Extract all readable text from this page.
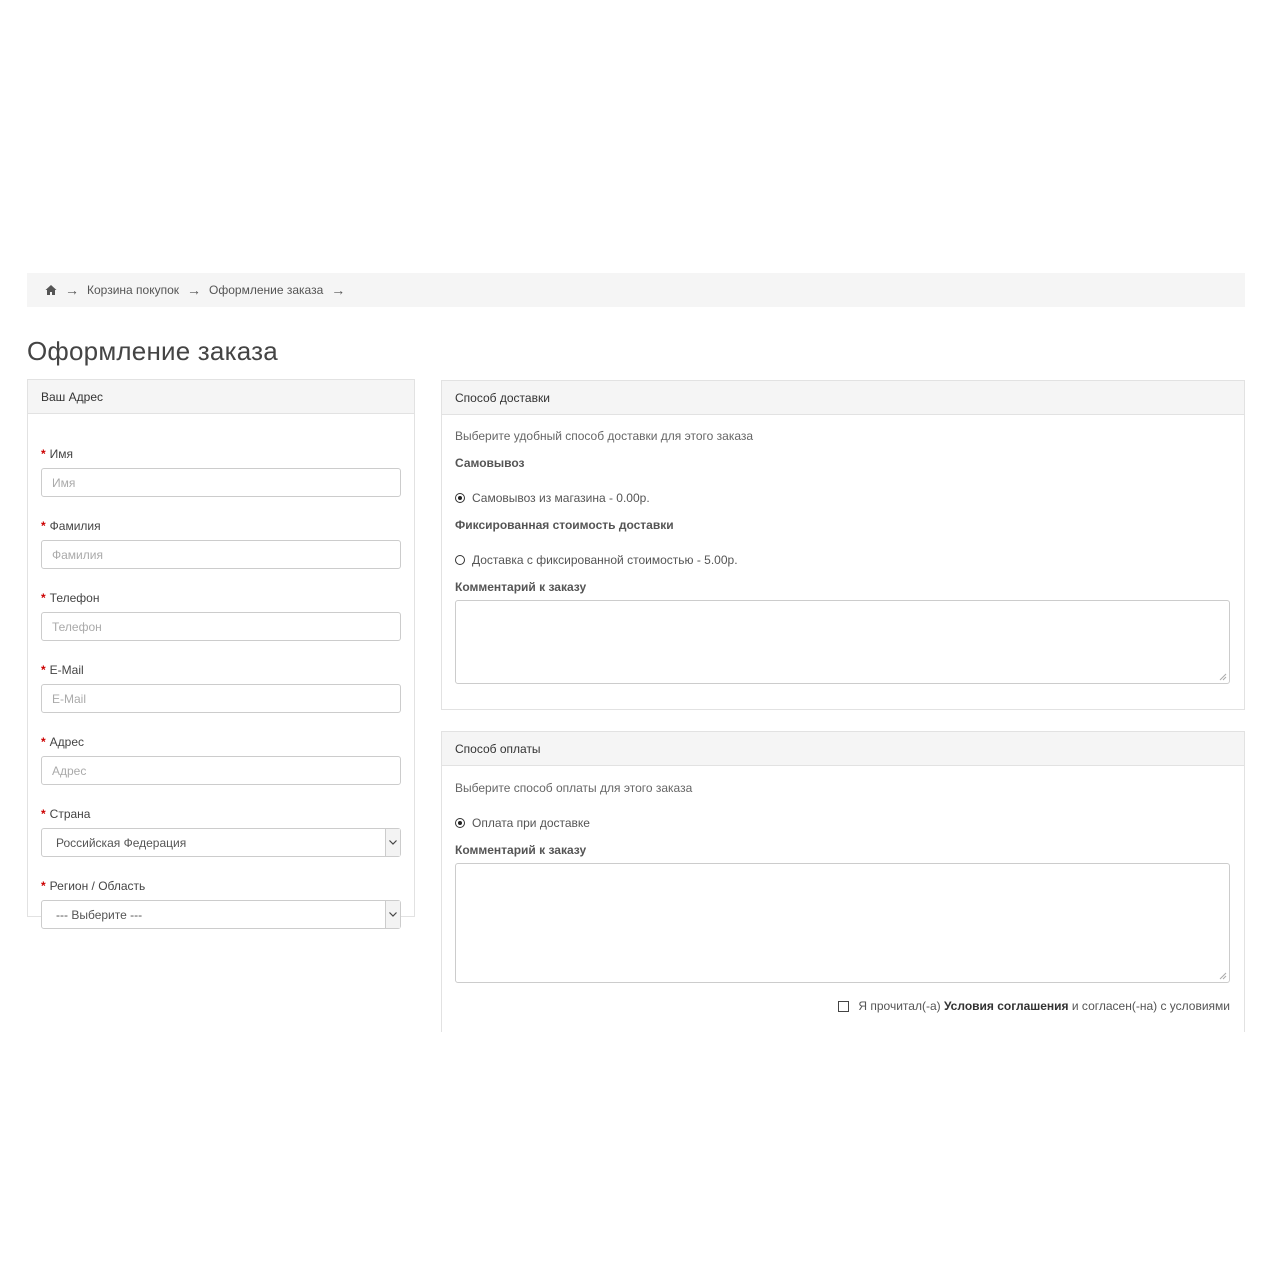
→ Корзина покупок → Оформление заказа →
Оформление заказа
Ваш Адрес
* Имя
Имя
* Фамилия
Фамилия
* Телефон
Телефон
* E-Mail
E-Mail
* Адрес
Адрес
* Страна
Российская Федерация
* Регион / Область
--- Выберите ---
Способ доставки
Выберите удобный способ доставки для этого заказа
Самовывоз
Самовывоз из магазина - 0.00р.
Фиксированная стоимость доставки
Доставка с фиксированной стоимостью - 5.00р.
Комментарий к заказу
Способ оплаты
Выберите способ оплаты для этого заказа
Оплата при доставке
Комментарий к заказу
Я прочитал(-а)
Условия соглашения
и согласен(-на) с условиями
